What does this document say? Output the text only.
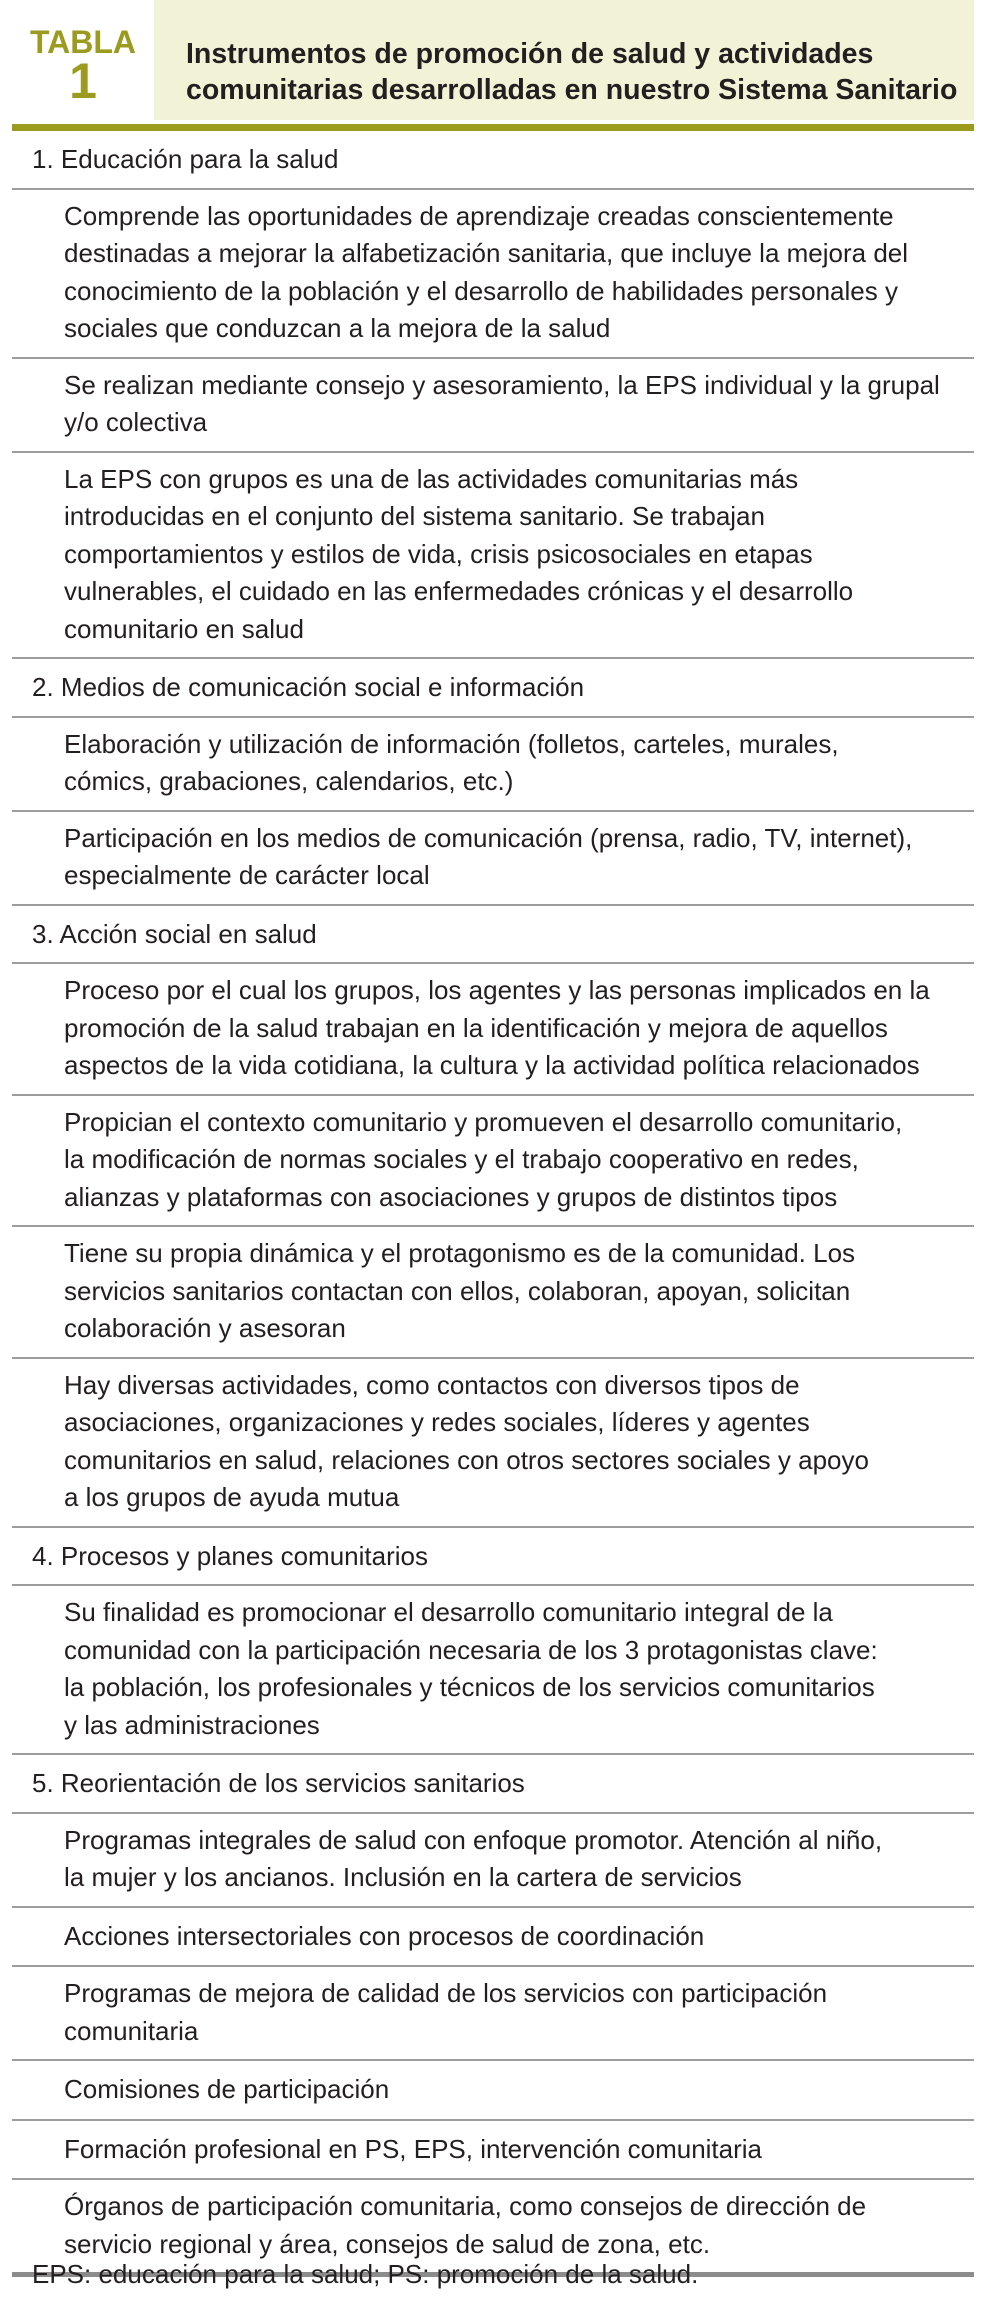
TABLA
1	Instrumentos de promoción de salud y actividades
comunitarias desarrolladas en nuestro Sistema Sanitario
1. Educación para la salud
Comprende las oportunidades de aprendizaje creadas conscientemente
destinadas a mejorar la alfabetización sanitaria, que incluye la mejora del
conocimiento de la población y el desarrollo de habilidades personales y
sociales que conduzcan a la mejora de la salud
Se realizan mediante consejo y asesoramiento, la EPS individual y la grupal
y/o colectiva
La EPS con grupos es una de las actividades comunitarias más
introducidas en el conjunto del sistema sanitario. Se trabajan
comportamientos y estilos de vida, crisis psicosociales en etapas
vulnerables, el cuidado en las enfermedades crónicas y el desarrollo
comunitario en salud
2. Medios de comunicación social e información
Elaboración y utilización de información (folletos, carteles, murales,
cómics, grabaciones, calendarios, etc.)
Participación en los medios de comunicación (prensa, radio, TV, internet),
especialmente de carácter local
3. Acción social en salud
Proceso por el cual los grupos, los agentes y las personas implicados en la
promoción de la salud trabajan en la identificación y mejora de aquellos
aspectos de la vida cotidiana, la cultura y la actividad política relacionados
Propician el contexto comunitario y promueven el desarrollo comunitario,
la modificación de normas sociales y el trabajo cooperativo en redes,
alianzas y plataformas con asociaciones y grupos de distintos tipos
Tiene su propia dinámica y el protagonismo es de la comunidad. Los
servicios sanitarios contactan con ellos, colaboran, apoyan, solicitan
colaboración y asesoran
Hay diversas actividades, como contactos con diversos tipos de
asociaciones, organizaciones y redes sociales, líderes y agentes
comunitarios en salud, relaciones con otros sectores sociales y apoyo
a los grupos de ayuda mutua
4. Procesos y planes comunitarios
Su finalidad es promocionar el desarrollo comunitario integral de la
comunidad con la participación necesaria de los 3 protagonistas clave:
la población, los profesionales y técnicos de los servicios comunitarios
y las administraciones
5. Reorientación de los servicios sanitarios
Programas integrales de salud con enfoque promotor. Atención al niño,
la mujer y los ancianos. Inclusión en la cartera de servicios
Acciones intersectoriales con procesos de coordinación
Programas de mejora de calidad de los servicios con participación
comunitaria
Comisiones de participación
Formación profesional en PS, EPS, intervención comunitaria
Órganos de participación comunitaria, como consejos de dirección de
servicio regional y área, consejos de salud de zona, etc.
EPS: educación para la salud; PS: promoción de la salud.
